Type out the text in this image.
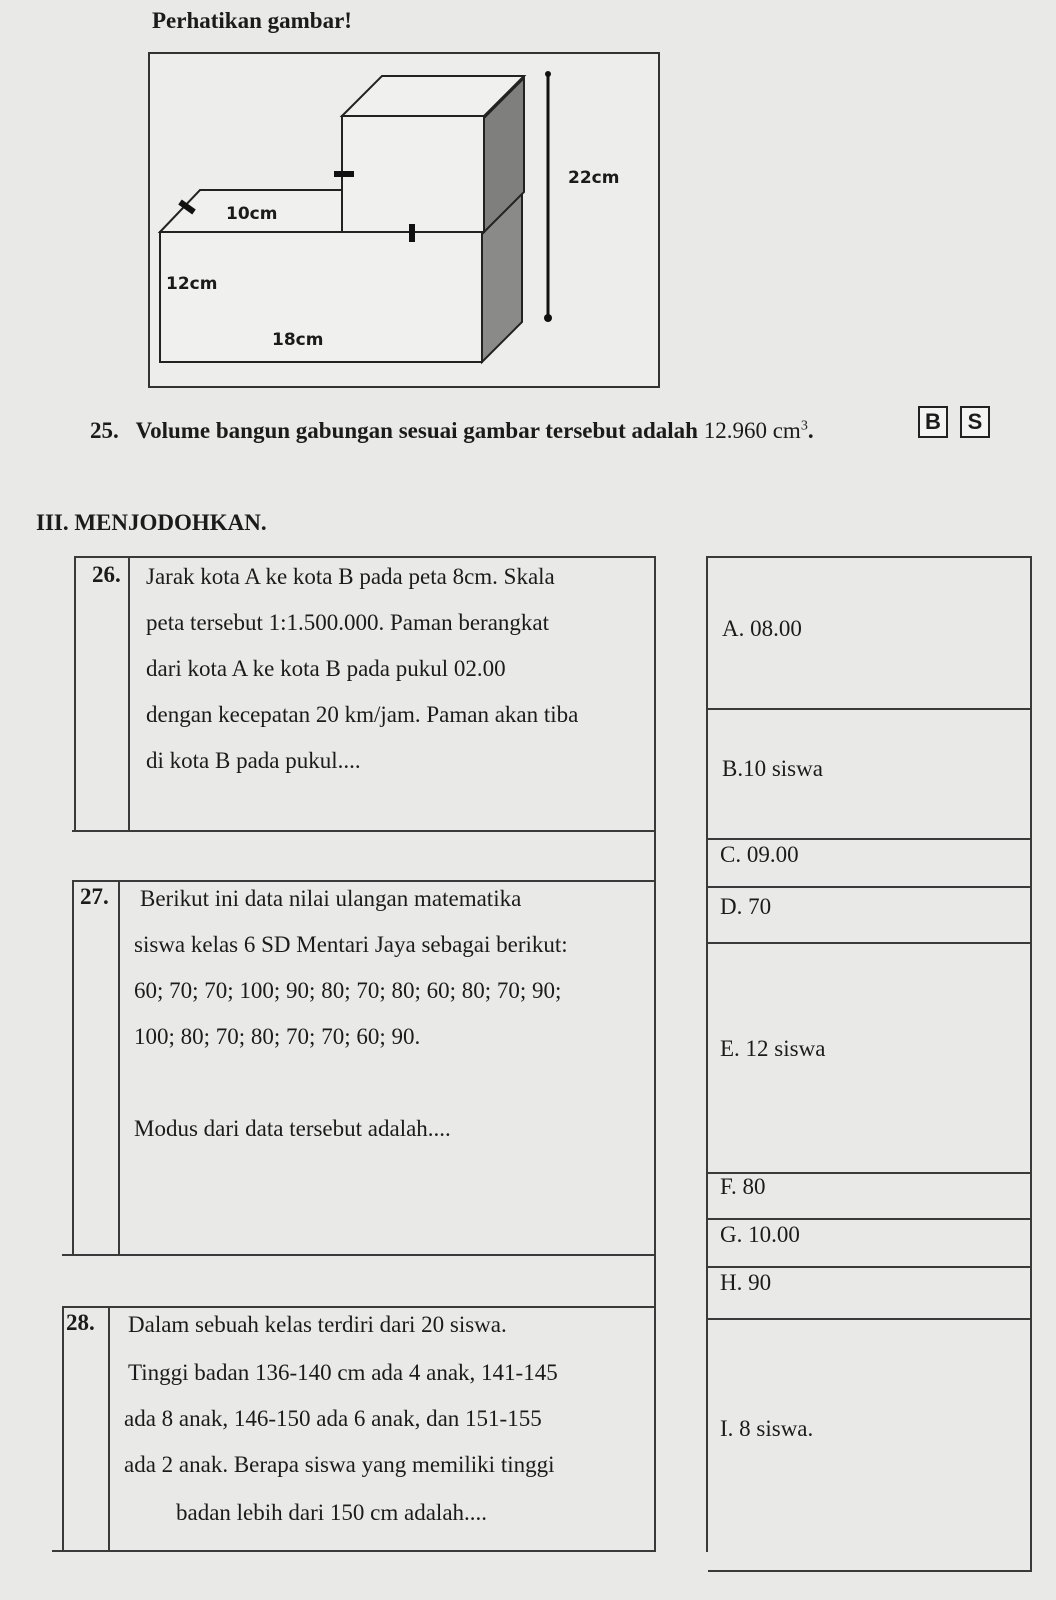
Perhatikan gambar!
22cm
10cm
12cm
18cm
25. Volume bangun gabungan sesuai gambar tersebut adalah 12.960 $cm^3$.	B	S
III. MENJODOHKAN.
26. Jarak kota A ke kota B pada peta 8cm. Skala
peta tersebut 1:1.500.000. Paman berangkat
dari kota A ke kota B pada pukul 02.00
dengan kecepatan 20 km/jam. Paman akan tiba
di kota B pada pukul....
27. Berikut ini data nilai ulangan matematika
siswa kelas 6 SD Mentari Jaya sebagai berikut:
60; 70; 70; 100; 90; 80; 70; 80; 60; 80; 70; 90;
100; 80; 70; 80; 70; 70; 60; 90.
Modus dari data tersebut adalah....
28. Dalam sebuah kelas terdiri dari 20 siswa.
Tinggi badan 136-140 cm ada 4 anak, 141-145
ada 8 anak, 146-150 ada 6 anak, dan 151-155
ada 2 anak. Berapa siswa yang memiliki tinggi
badan lebih dari 150 cm adalah....
A. 08.00
B.10 siswa
C. 09.00
D. 70
E. 12 siswa
F. 80
G. 10.00
H. 90
I. 8 siswa.
